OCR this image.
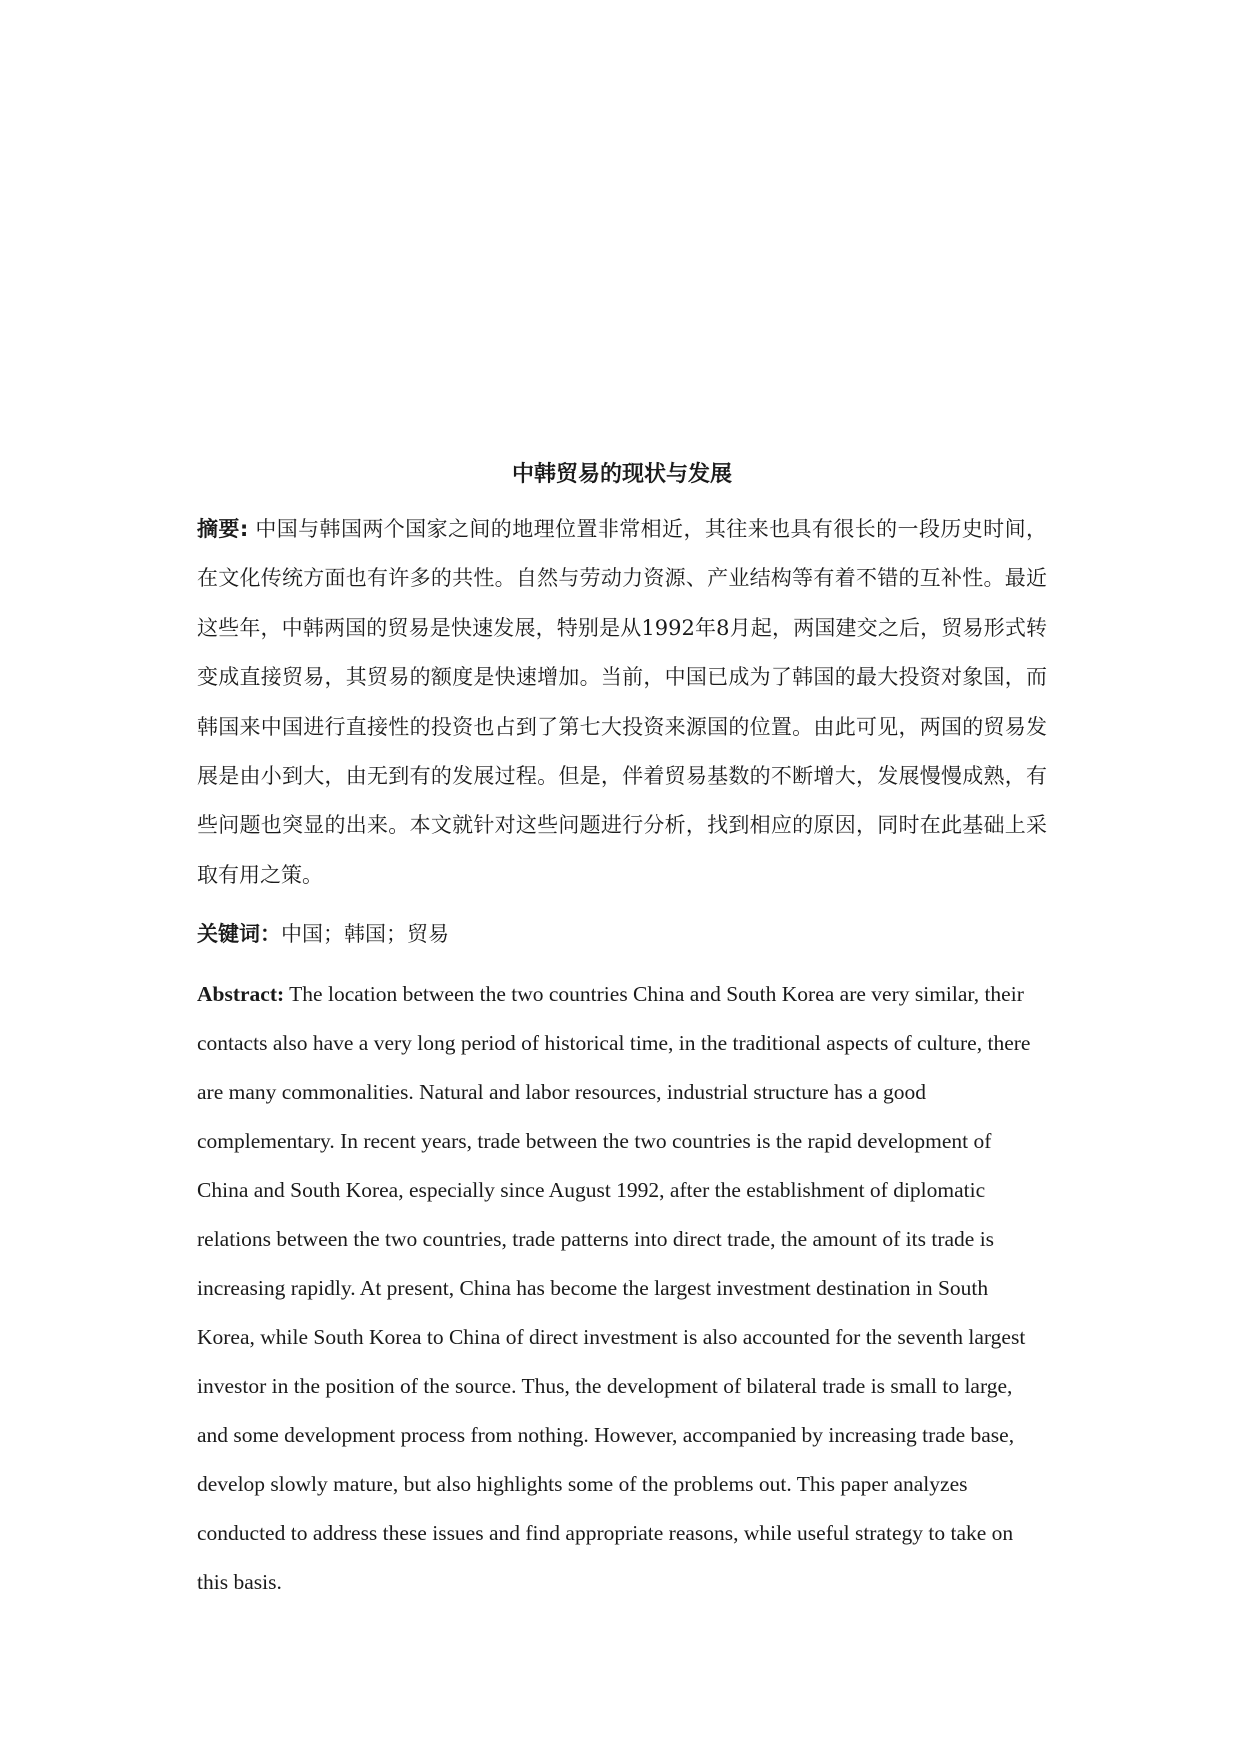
中韩贸易的现状与发展

摘要: 中国与韩国两个国家之间的地理位置非常相近，其往来也具有很长的一段历史时间，在文化传统方面也有许多的共性。自然与劳动力资源、产业结构等有着不错的互补性。最近这些年，中韩两国的贸易是快速发展，特别是从1992年8月起，两国建交之后，贸易形式转变成直接贸易，其贸易的额度是快速增加。当前，中国已成为了韩国的最大投资对象国，而韩国来中国进行直接性的投资也占到了第七大投资来源国的位置。由此可见，两国的贸易发展是由小到大，由无到有的发展过程。但是，伴着贸易基数的不断增大，发展慢慢成熟，有些问题也突显的出来。本文就针对这些问题进行分析，找到相应的原因，同时在此基础上采取有用之策。

关键词：中国；韩国；贸易

Abstract: The location between the two countries China and South Korea are very similar, their contacts also have a very long period of historical time, in the traditional aspects of culture, there are many commonalities. Natural and labor resources, industrial structure has a good complementary. In recent years, trade between the two countries is the rapid development of China and South Korea, especially since August 1992, after the establishment of diplomatic relations between the two countries, trade patterns into direct trade, the amount of its trade is increasing rapidly. At present, China has become the largest investment destination in South Korea, while South Korea to China of direct investment is also accounted for the seventh largest investor in the position of the source. Thus, the development of bilateral trade is small to large, and some development process from nothing. However, accompanied by increasing trade base, develop slowly mature, but also highlights some of the problems out. This paper analyzes conducted to address these issues and find appropriate reasons, while useful strategy to take on this basis.
